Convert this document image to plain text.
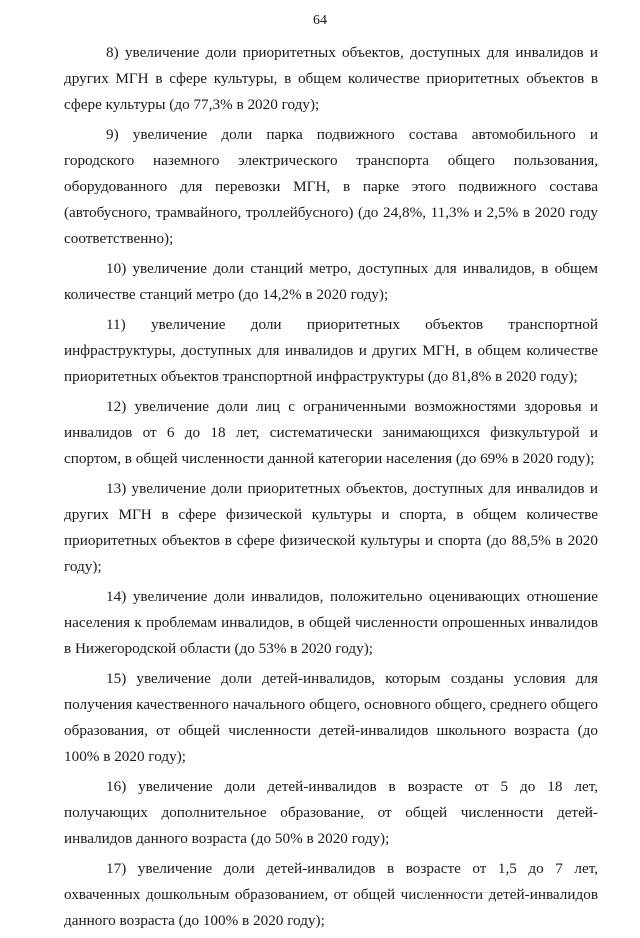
64

8) увеличение доли приоритетных объектов, доступных для инвалидов и других МГН в сфере культуры, в общем количестве приоритетных объектов в сфере культуры (до 77,3% в 2020 году);

9) увеличение доли парка подвижного состава автомобильного и городского наземного электрического транспорта общего пользования, оборудованного для перевозки МГН, в парке этого подвижного состава (автобусного, трамвайного, троллейбусного) (до 24,8%, 11,3% и 2,5% в 2020 году соответственно);

10) увеличение доли станций метро, доступных для инвалидов, в общем количестве станций метро (до 14,2% в 2020 году);

11) увеличение доли приоритетных объектов транспортной инфраструктуры, доступных для инвалидов и других МГН, в общем количестве приоритетных объектов транспортной инфраструктуры (до 81,8% в 2020 году);

12) увеличение доли лиц с ограниченными возможностями здоровья и инвалидов от 6 до 18 лет, систематически занимающихся физкультурой и спортом, в общей численности данной категории населения (до 69% в 2020 году);

13) увеличение доли приоритетных объектов, доступных для инвалидов и других МГН в сфере физической культуры и спорта, в общем количестве приоритетных объектов в сфере физической культуры и спорта (до 88,5% в 2020 году);

14) увеличение доли инвалидов, положительно оценивающих отношение населения к проблемам инвалидов, в общей численности опрошенных инвалидов в Нижегородской области (до 53% в 2020 году);

15) увеличение доли детей-инвалидов, которым созданы условия для получения качественного начального общего, основного общего, среднего общего образования, от общей численности детей-инвалидов школьного возраста (до 100% в 2020 году);

16) увеличение доли детей-инвалидов в возрасте от 5 до 18 лет, получающих дополнительное образование, от общей численности детей-инвалидов данного возраста (до 50% в 2020 году);

17) увеличение доли детей-инвалидов в возрасте от 1,5 до 7 лет, охваченных дошкольным образованием, от общей численности детей-инвалидов данного возраста (до 100% в 2020 году);
